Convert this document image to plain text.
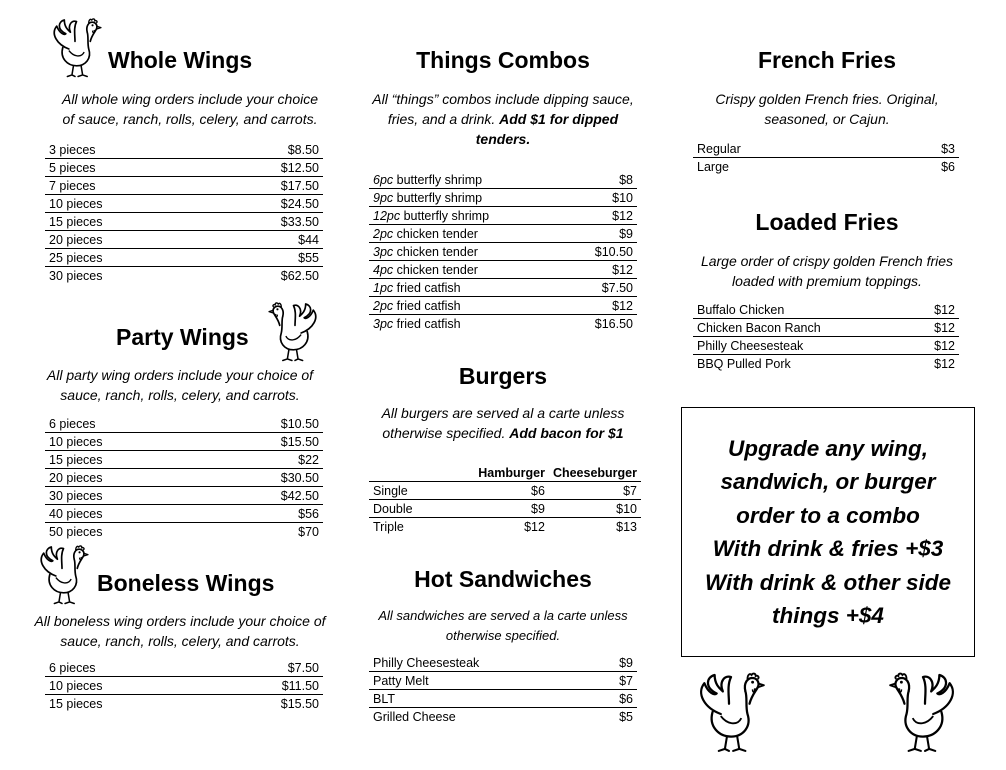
Whole Wings
All whole wing orders include your choice
of sauce, ranch, rolls, celery, and carrots.
3 pieces	$8.50
5 pieces	$12.50
7 pieces	$17.50
10 pieces	$24.50
15 pieces	$33.50
20 pieces	$44
25 pieces	$55
30 pieces	$62.50
Party Wings
All party wing orders include your choice of
sauce, ranch, rolls, celery, and carrots.
6 pieces	$10.50
10 pieces	$15.50
15 pieces	$22
20 pieces	$30.50
30 pieces	$42.50
40 pieces	$56
50 pieces	$70
Boneless Wings
All boneless wing orders include your choice of
sauce, ranch, rolls, celery, and carrots.
6 pieces	$7.50
10 pieces	$11.50
15 pieces	$15.50
Things Combos
All “things” combos include dipping sauce,
fries, and a drink. Add $1 for dipped
tenders.
6pc butterfly shrimp	$8
9pc butterfly shrimp	$10
12pc butterfly shrimp	$12
2pc chicken tender	$9
3pc chicken tender	$10.50
4pc chicken tender	$12
1pc fried catfish	$7.50
2pc fried catfish	$12
3pc fried catfish	$16.50
Burgers
All burgers are served al a carte unless
otherwise specified. Add bacon for $1
	Hamburger	Cheeseburger
Single	$6	$7
Double	$9	$10
Triple	$12	$13
Hot Sandwiches
All sandwiches are served a la carte unless
otherwise specified.
Philly Cheesesteak	$9
Patty Melt	$7
BLT	$6
Grilled Cheese	$5
French Fries
Crispy golden French fries. Original,
seasoned, or Cajun.
Regular	$3
Large	$6
Loaded Fries
Large order of crispy golden French fries
loaded with premium toppings.
Buffalo Chicken	$12
Chicken Bacon Ranch	$12
Philly Cheesesteak	$12
BBQ Pulled Pork	$12
Upgrade any wing,
sandwich, or burger
order to a combo
With drink & fries +$3
With drink & other side
things +$4
